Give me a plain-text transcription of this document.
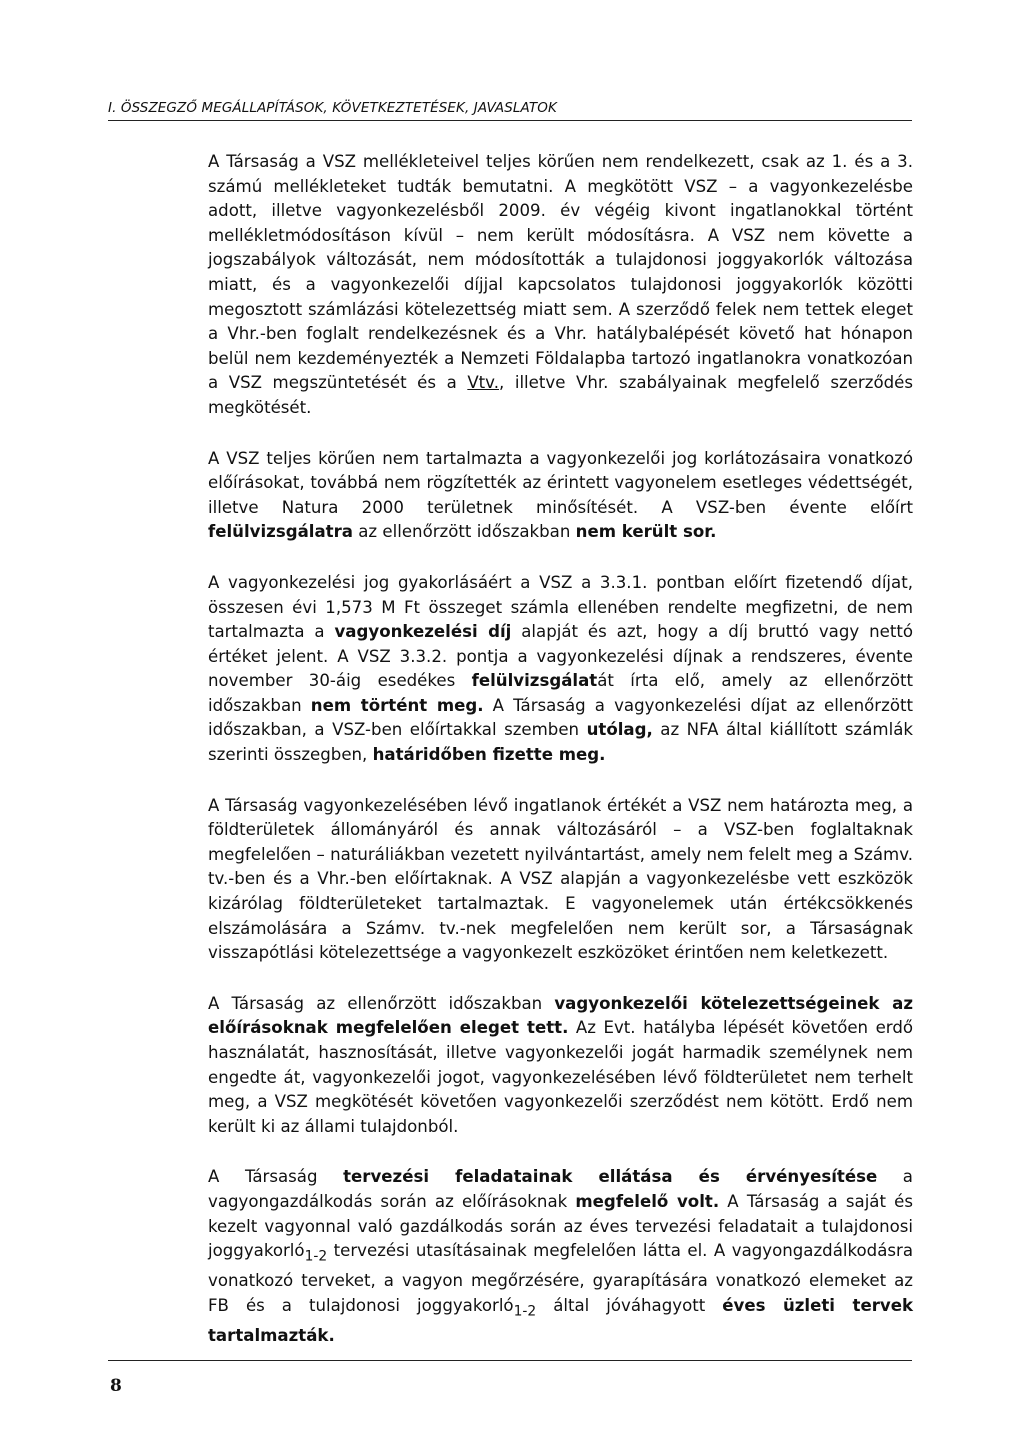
I. ÖSSZEGZŐ MEGÁLLAPÍTÁSOK, KÖVETKEZTETÉSEK, JAVASLATOK

A Társaság a VSZ mellékleteivel teljes körűen nem rendelkezett, csak az 1. és a 3. számú mellékleteket tudták bemutatni. A megkötött VSZ – a vagyonkezelésbe adott, illetve vagyonkezelésből 2009. év végéig kivont ingatlanokkal történt mellékletmódosításon kívül – nem került módosításra. A VSZ nem követte a jogszabályok változását, nem módosították a tulajdonosi joggyakorlók változása miatt, és a vagyonkezelői díjjal kapcsolatos tulajdonosi joggyakorlók közötti megosztott számlázási kötelezettség miatt sem. A szerződő felek nem tettek eleget a Vhr.-ben foglalt rendelkezésnek és a Vhr. hatálybalépését követő hat hónapon belül nem kezdeményezték a Nemzeti Földalapba tartozó ingatlanokra vonatkozóan a VSZ megszüntetését és a Vtv., illetve Vhr. szabályainak megfelelő szerződés megkötését.

A VSZ teljes körűen nem tartalmazta a vagyonkezelői jog korlátozásaira vonatkozó előírásokat, továbbá nem rögzítették az érintett vagyonelem esetleges védettségét, illetve Natura 2000 területnek minősítését. A VSZ-ben évente előírt felülvizsgálatra az ellenőrzött időszakban nem került sor.

A vagyonkezelési jog gyakorlásáért a VSZ a 3.3.1. pontban előírt fizetendő díjat, összesen évi 1,573 M Ft összeget számla ellenében rendelte megfizetni, de nem tartalmazta a vagyonkezelési díj alapját és azt, hogy a díj bruttó vagy nettó értéket jelent. A VSZ 3.3.2. pontja a vagyonkezelési díjnak a rendszeres, évente november 30-áig esedékes felülvizsgálatát írta elő, amely az ellenőrzött időszakban nem történt meg. A Társaság a vagyonkezelési díjat az ellenőrzött időszakban, a VSZ-ben előírtakkal szemben utólag, az NFA által kiállított számlák szerinti összegben, határidőben fizette meg.

A Társaság vagyonkezelésében lévő ingatlanok értékét a VSZ nem határozta meg, a földterületek állományáról és annak változásáról – a VSZ-ben foglaltaknak megfelelően – naturáliákban vezetett nyilvántartást, amely nem felelt meg a Számv. tv.-ben és a Vhr.-ben előírtaknak. A VSZ alapján a vagyonkezelésbe vett eszközök kizárólag földterületeket tartalmaztak. E vagyonelemek után értékcsökkenés elszámolására a Számv. tv.-nek megfelelően nem került sor, a Társaságnak visszapótlási kötelezettsége a vagyonkezelt eszközöket érintően nem keletkezett.

A Társaság az ellenőrzött időszakban vagyonkezelői kötelezettségeinek az előírásoknak megfelelően eleget tett. Az Evt. hatályba lépését követően erdő használatát, hasznosítását, illetve vagyonkezelői jogát harmadik személynek nem engedte át, vagyonkezelői jogot, vagyonkezelésében lévő földterületet nem terhelt meg, a VSZ megkötését követően vagyonkezelői szerződést nem kötött. Erdő nem került ki az állami tulajdonból.

A Társaság tervezési feladatainak ellátása és érvényesítése a vagyongazdálkodás során az előírásoknak megfelelő volt. A Társaság a saját és kezelt vagyonnal való gazdálkodás során az éves tervezési feladatait a tulajdonosi joggyakorló$_{1-2}$ tervezési utasításainak megfelelően látta el. A vagyongazdálkodásra vonatkozó terveket, a vagyon megőrzésére, gyarapítására vonatkozó elemeket az FB és a tulajdonosi joggyakorló$_{1-2}$ által jóváhagyott éves üzleti tervek tartalmazták.

8
